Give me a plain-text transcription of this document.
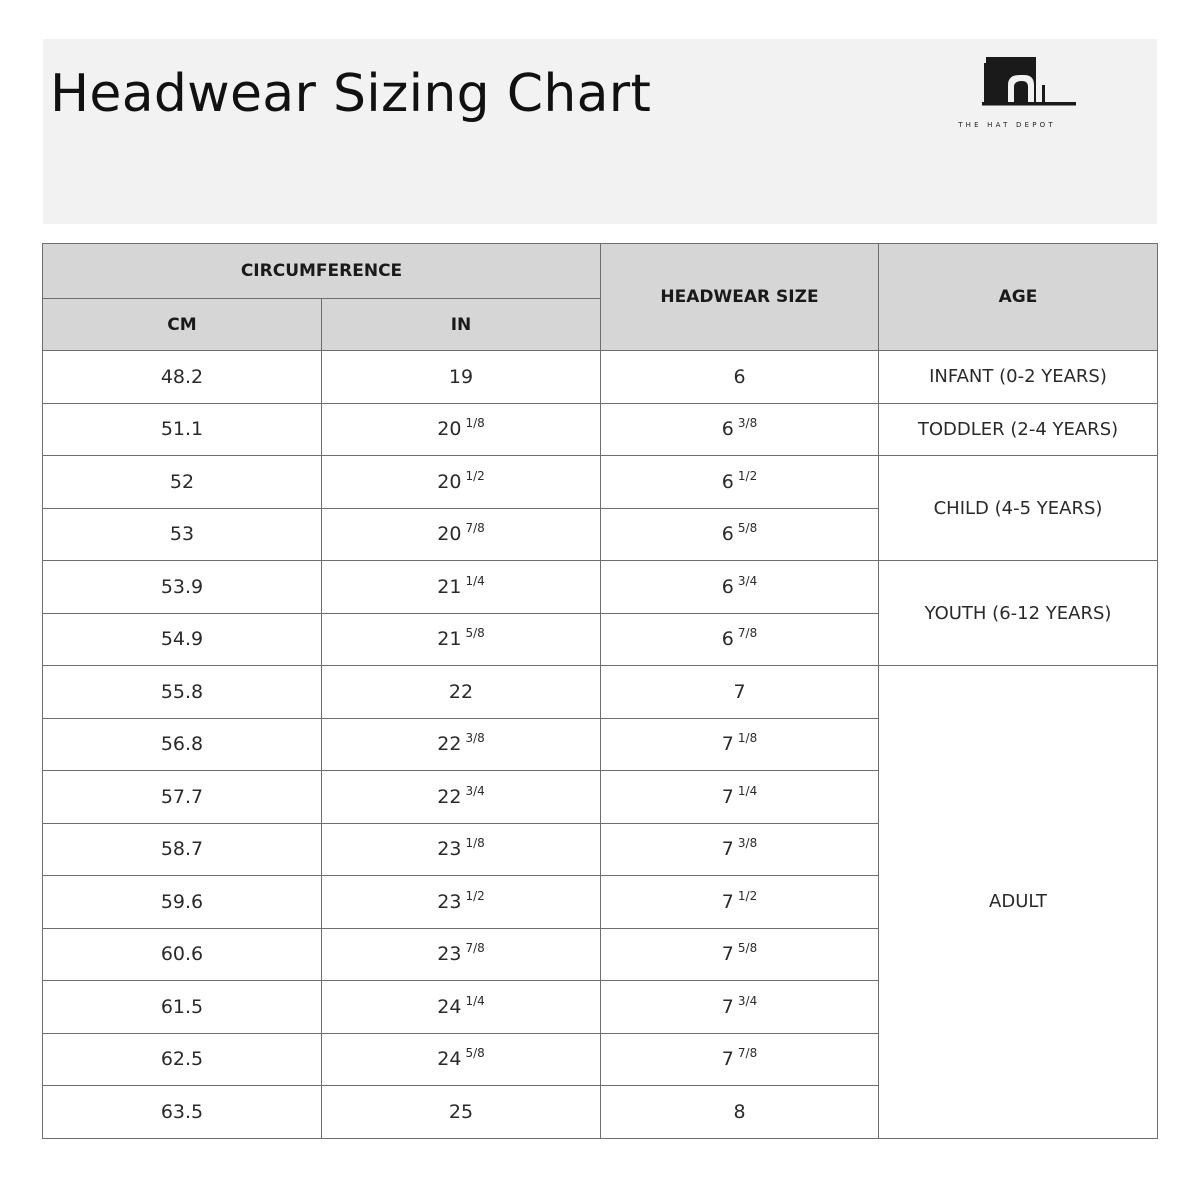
Headwear Sizing Chart
THE HAT DEPOT
CIRCUMFERENCE		HEADWEAR SIZE	AGE
CM	IN		
48.2	19	6	INFANT (0-2 YEARS)
51.1	20 $^{1/8}$	6 $^{3/8}$	TODDLER (2-4 YEARS)
52	20 $^{1/2}$	6 $^{1/2}$	CHILD (4-5 YEARS)
53	20 $^{7/8}$	6 $^{5/8}$
53.9	21 $^{1/4}$	6 $^{3/4}$	YOUTH (6-12 YEARS)
54.9	21 $^{5/8}$	6 $^{7/8}$
55.8	22	7	ADULT
56.8	22 $^{3/8}$	7 $^{1/8}$
57.7	22 $^{3/4}$	7 $^{1/4}$
58.7	23 $^{1/8}$	7 $^{3/8}$
59.6	23 $^{1/2}$	7 $^{1/2}$
60.6	23 $^{7/8}$	7 $^{5/8}$
61.5	24 $^{1/4}$	7 $^{3/4}$
62.5	24 $^{5/8}$	7 $^{7/8}$
63.5	25	8	
